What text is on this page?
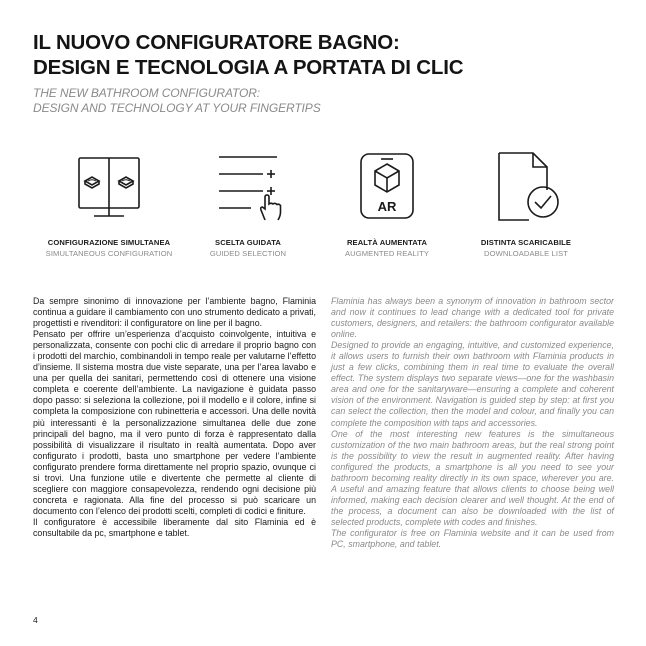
IL NUOVO CONFIGURATORE BAGNO:
DESIGN E TECNOLOGIA A PORTATA DI CLIC

THE NEW BATHROOM CONFIGURATOR:
DESIGN AND TECHNOLOGY AT YOUR FINGERTIPS

CONFIGURAZIONE SIMULTANEA
SIMULTANEOUS CONFIGURATION
SCELTA GUIDATA
GUIDED SELECTION
AR
REALTÀ AUMENTATA
AUGMENTED REALITY
DISTINTA SCARICABILE
DOWNLOADABLE LIST

Da sempre sinonimo di innovazione per l’ambiente bagno, Flaminia continua a guidare il cambiamento con uno strumento dedicato a privati, progettisti e rivenditori: il configuratore on line per il bagno.

Pensato per offrire un’esperienza d’acquisto coinvolgente, intuitiva e personalizzata, consente con pochi clic di arredare il proprio bagno con i prodotti del marchio, combinandoli in tempo reale per valutarne l’effetto d’insieme. Il sistema mostra due viste separate, una per l’area lavabo e una per quella dei sanitari, permettendo così di ottenere una visione completa e coerente dell’ambiente. La navigazione è guidata passo dopo passo: si seleziona la collezione, poi il modello e il colore, infine si completa la composizione con rubinetteria e accessori. Una delle novità più interessanti è la personalizzazione simultanea delle due zone principali del bagno, ma il vero punto di forza è rappresentato dalla possibilità di visualizzare il risultato in realtà aumentata. Dopo aver configurato i prodotti, basta uno smartphone per vedere l’ambiente configurato prendere forma direttamente nel proprio spazio, ovunque ci si trovi. Una funzione utile e divertente che permette al cliente di scegliere con maggiore consapevolezza, rendendo ogni decisione più concreta e ragionata. Alla fine del processo si può scaricare un documento con l’elenco dei prodotti scelti, completi di codici e finiture.

Il configuratore è accessibile liberamente dal sito Flaminia ed è consultabile da pc, smartphone e tablet.

Flaminia has always been a synonym of innovation in bathroom sector and now it continues to lead change with a dedicated tool for private customers, designers, and retailers: the bathroom configurator available online.

Designed to provide an engaging, intuitive, and customized experience, it allows users to furnish their own bathroom with Flaminia products in just a few clicks, combining them in real time to evaluate the overall effect. The system displays two separate views—one for the washbasin area and one for the sanitaryware—ensuring a complete and coherent vision of the environment. Navigation is guided step by step: at first you can select the collection, then the model and colour, and finally you can complete the composition with taps and accessories.

One of the most interesting new features is the simultaneous customization of the two main bathroom areas, but the real strong point is the possibility to view the result in augmented reality. After having configured the products, a smartphone is all you need to see your bathroom becoming reality directly in its own space, wherever you are. A useful and amazing feature that allows clients to choose being well informed, making each decision clearer and well thought. At the end of the process, a document can also be downloaded with the list of selected products, complete with codes and finishes.

The configurator is free on Flaminia website and it can be used from PC, smartphone, and tablet.

4
